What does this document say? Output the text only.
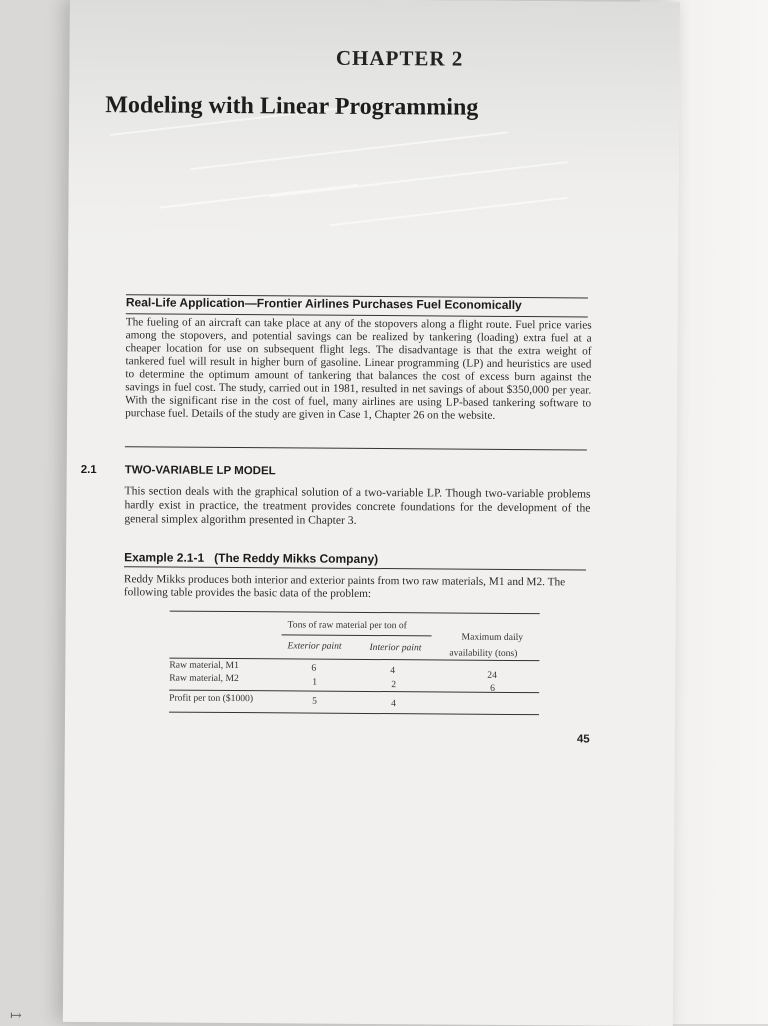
CHAPTER 2
Modeling with Linear Programming
Real-Life Application—Frontier Airlines Purchases Fuel Economically
The fueling of an aircraft can take place at any of the stopovers along a flight route. Fuel price varies among the stopovers, and potential savings can be realized by tankering (loading) extra fuel at a cheaper location for use on subsequent flight legs. The disadvantage is that the extra weight of tankered fuel will result in higher burn of gasoline. Linear programming (LP) and heuristics are used to determine the optimum amount of tankering that balances the cost of excess burn against the savings in fuel cost. The study, carried out in 1981, resulted in net savings of about $350,000 per year. With the significant rise in the cost of fuel, many airlines are using LP-based tankering software to purchase fuel. Details of the study are given in Case 1, Chapter 26 on the website.
2.1 TWO-VARIABLE LP MODEL
This section deals with the graphical solution of a two-variable LP. Though two-variable problems hardly exist in practice, the treatment provides concrete foundations for the development of the general simplex algorithm presented in Chapter 3.
Example 2.1-1 (The Reddy Mikks Company)
Reddy Mikks produces both interior and exterior paints from two raw materials, M1 and M2. The following table provides the basic data of the problem:
Tons of raw material per ton of
Exterior paint	Interior paint
Maximum daily
availability (tons)
Raw material, M1	6	4	24
Raw material, M2	1	2	6
Profit per ton ($1000)	5	4
45
↦
